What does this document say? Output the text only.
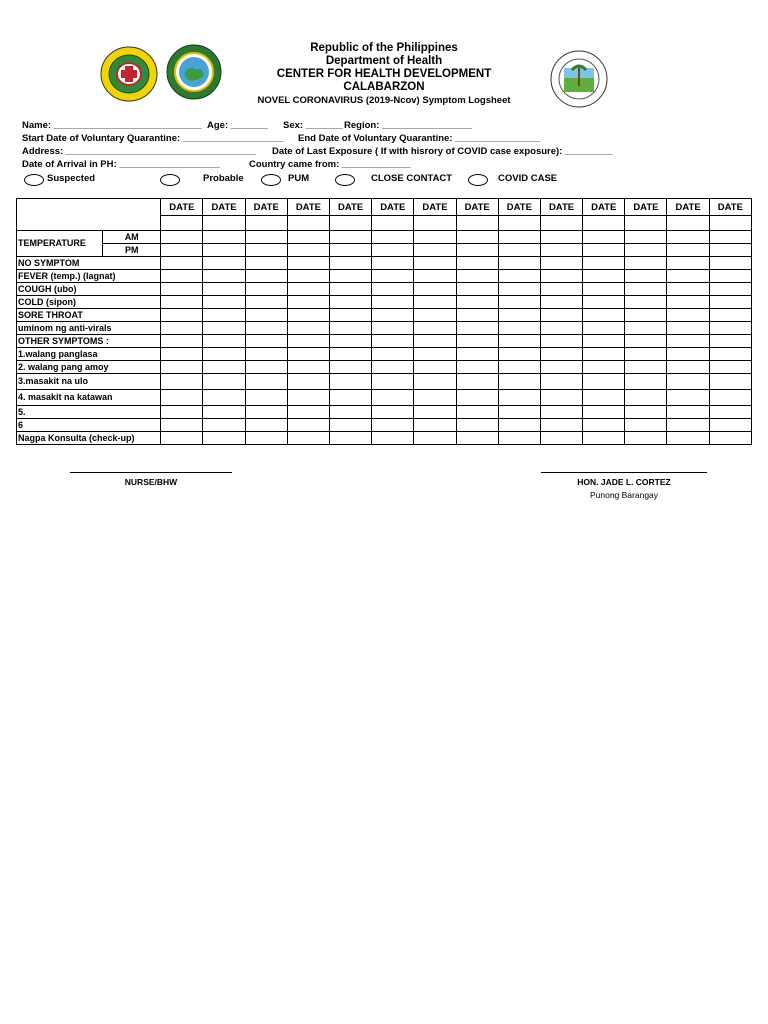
Republic of the Philippines
Department of Health
CENTER FOR HEALTH DEVELOPMENT
CALABARZON
NOVEL CORONAVIRUS (2019-Ncov) Symptom Logsheet
Name: ____________________________ Age: _______ Sex: _______ Region: _________________
Start Date of Voluntary Quarantine: ___________________ End Date of Voluntary Quarantine: ________________
Address: ____________________________________ Date of Last Exposure ( If with hisrory of COVID case exposure): _________
Date of Arrival in PH: ___________________	Country came from: _____________
Suspected	Probable	PUM	CLOSE CONTACT	COVID CASE
		DATE	DATE	DATE	DATE	DATE	DATE	DATE	DATE	DATE	DATE	DATE	DATE	DATE	DATE

TEMPERATURE	AM														
	PM														
NO SYMPTOM															
FEVER (temp.) (lagnat)															
COUGH (ubo)															
COLD (sipon)															
SORE THROAT															
uminom ng anti-virals															
OTHER SYMPTOMS :															
1.walang panglasa															
2. walang pang amoy															
3.masakit na ulo															
4. masakit na katawan															
5.															
6															
Nagpa Konsulta (check-up)															
NURSE/BHW	HON. JADE L. CORTEZ
Punong Barangay
